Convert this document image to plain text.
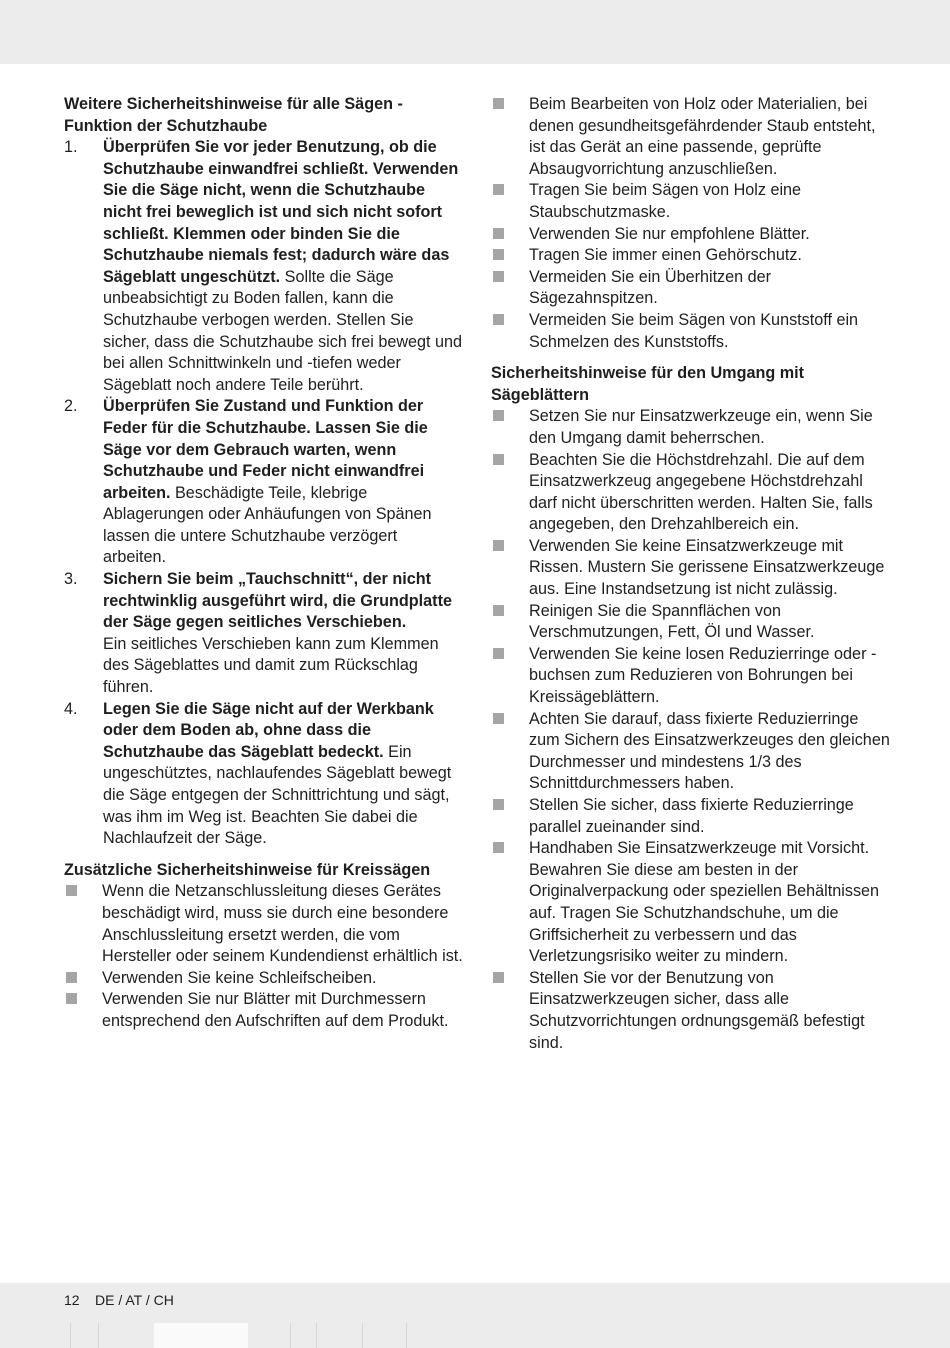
Weitere Sicherheitshinweise für alle Sägen - Funktion der Schutzhaube

1. Überprüfen Sie vor jeder Benutzung, ob die Schutzhaube einwandfrei schließt. Verwenden Sie die Säge nicht, wenn die Schutzhaube nicht frei beweglich ist und sich nicht sofort schließt. Klemmen oder binden Sie die Schutzhaube niemals fest; dadurch wäre das Sägeblatt ungeschützt. Sollte die Säge unbeabsichtigt zu Boden fallen, kann die Schutzhaube verbogen werden. Stellen Sie sicher, dass die Schutzhaube sich frei bewegt und bei allen Schnittwinkeln und -tiefen weder Sägeblatt noch andere Teile berührt.
2. Überprüfen Sie Zustand und Funktion der Feder für die Schutzhaube. Lassen Sie die Säge vor dem Gebrauch warten, wenn Schutzhaube und Feder nicht einwandfrei arbeiten. Beschädigte Teile, klebrige Ablagerungen oder Anhäufungen von Spänen lassen die untere Schutzhaube verzögert arbeiten.
3. Sichern Sie beim „Tauchschnitt“, der nicht rechtwinklig ausgeführt wird, die Grundplatte der Säge gegen seitliches Verschieben.
Ein seitliches Verschieben kann zum Klemmen des Sägeblattes und damit zum Rückschlag führen.
4. Legen Sie die Säge nicht auf der Werkbank oder dem Boden ab, ohne dass die Schutzhaube das Sägeblatt bedeckt. Ein ungeschütztes, nachlaufendes Sägeblatt bewegt die Säge entgegen der Schnittrichtung und sägt, was ihm im Weg ist. Beachten Sie dabei die Nachlaufzeit der Säge.

Zusätzliche Sicherheitshinweise für Kreissägen

Wenn die Netzanschlussleitung dieses Gerätes beschädigt wird, muss sie durch eine besondere Anschlussleitung ersetzt werden, die vom Hersteller oder seinem Kundendienst erhältlich ist.
Verwenden Sie keine Schleifscheiben.
Verwenden Sie nur Blätter mit Durchmessern entsprechend den Aufschriften auf dem Produkt.
Beim Bearbeiten von Holz oder Materialien, bei denen gesundheitsgefährdender Staub entsteht, ist das Gerät an eine passende, geprüfte Absaugvorrichtung anzuschließen.
Tragen Sie beim Sägen von Holz eine Staubschutzmaske.
Verwenden Sie nur empfohlene Blätter.
Tragen Sie immer einen Gehörschutz.
Vermeiden Sie ein Überhitzen der Sägezahnspitzen.
Vermeiden Sie beim Sägen von Kunststoff ein Schmelzen des Kunststoffs.

Sicherheitshinweise für den Umgang mit Sägeblättern

Setzen Sie nur Einsatzwerkzeuge ein, wenn Sie den Umgang damit beherrschen.
Beachten Sie die Höchstdrehzahl. Die auf dem Einsatzwerkzeug angegebene Höchstdrehzahl darf nicht überschritten werden. Halten Sie, falls angegeben, den Drehzahlbereich ein.
Verwenden Sie keine Einsatzwerkzeuge mit Rissen. Mustern Sie gerissene Einsatzwerkzeuge aus. Eine Instandsetzung ist nicht zulässig.
Reinigen Sie die Spannflächen von Verschmutzungen, Fett, Öl und Wasser.
Verwenden Sie keine losen Reduzierringe oder -buchsen zum Reduzieren von Bohrungen bei Kreissägeblättern.
Achten Sie darauf, dass fixierte Reduzierringe zum Sichern des Einsatzwerkzeuges den gleichen Durchmesser und mindestens 1/3 des Schnittdurchmessers haben.
Stellen Sie sicher, dass fixierte Reduzierringe parallel zueinander sind.
Handhaben Sie Einsatzwerkzeuge mit Vorsicht. Bewahren Sie diese am besten in der Originalverpackung oder speziellen Behältnissen auf. Tragen Sie Schutzhandschuhe, um die Griffsicherheit zu verbessern und das Verletzungsrisiko weiter zu mindern.
Stellen Sie vor der Benutzung von Einsatzwerkzeugen sicher, dass alle Schutzvorrichtungen ordnungsgemäß befestigt sind.
12 DE / AT / CH
